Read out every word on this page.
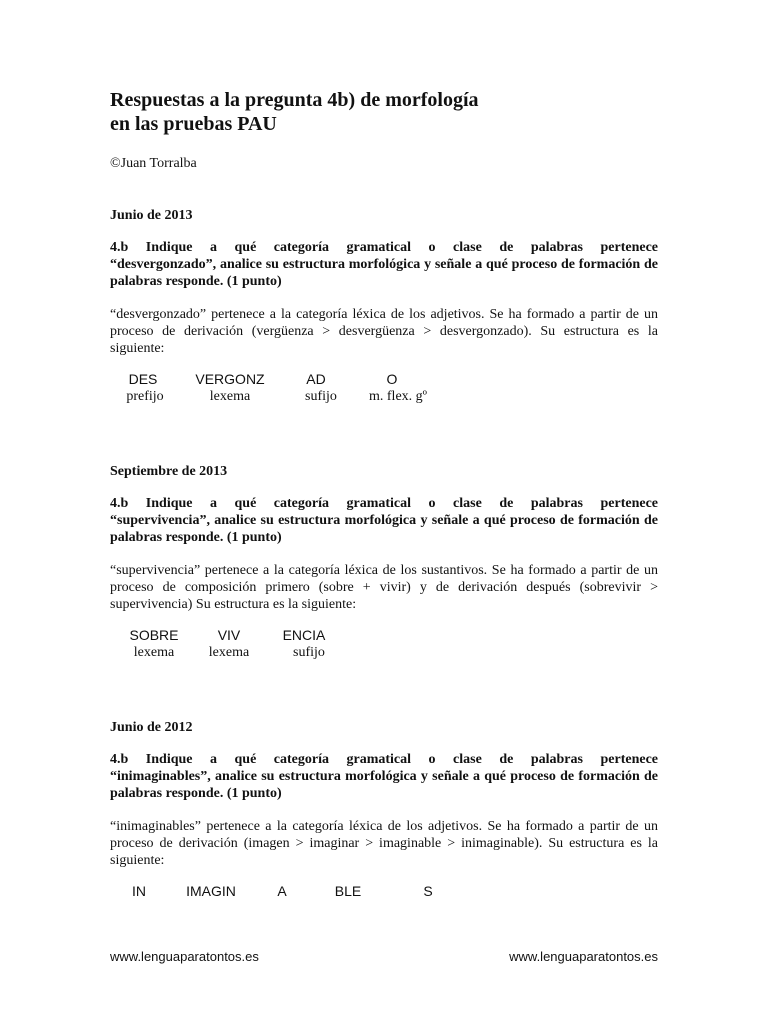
Respuestas a la pregunta 4b) de morfología
en las pruebas PAU
©Juan Torralba
Junio de 2013
4.b Indique a qué categoría gramatical o clase de palabras pertenece
“desvergonzado”, analice su estructura morfológica y señale a qué proceso de formación de palabras responde. (1 punto)
“desvergonzado” pertenece a la categoría léxica de los adjetivos. Se ha formado a partir de un proceso de derivación (vergüenza > desvergüenza > desvergonzado). Su estructura es la siguiente:
DES	VERGONZ	AD	O
prefijo	lexema	sufijo	m. flex. gº
Septiembre de 2013
4.b Indique a qué categoría gramatical o clase de palabras pertenece
“supervivencia”, analice su estructura morfológica y señale a qué proceso de formación de palabras responde. (1 punto)
“supervivencia” pertenece a la categoría léxica de los sustantivos. Se ha formado a partir de un proceso de composición primero (sobre + vivir) y de derivación después (sobrevivir > supervivencia) Su estructura es la siguiente:
SOBRE	VIV	ENCIA
lexema	lexema	sufijo
Junio de 2012
4.b Indique a qué categoría gramatical o clase de palabras pertenece
“inimaginables”, analice su estructura morfológica y señale a qué proceso de formación de palabras responde. (1 punto)
“inimaginables” pertenece a la categoría léxica de los adjetivos. Se ha formado a partir de un proceso de derivación (imagen > imaginar > imaginable > inimaginable). Su estructura es la siguiente:
IN	IMAGIN	A	BLE	S
www.lenguaparatontos.es	www.lenguaparatontos.es
